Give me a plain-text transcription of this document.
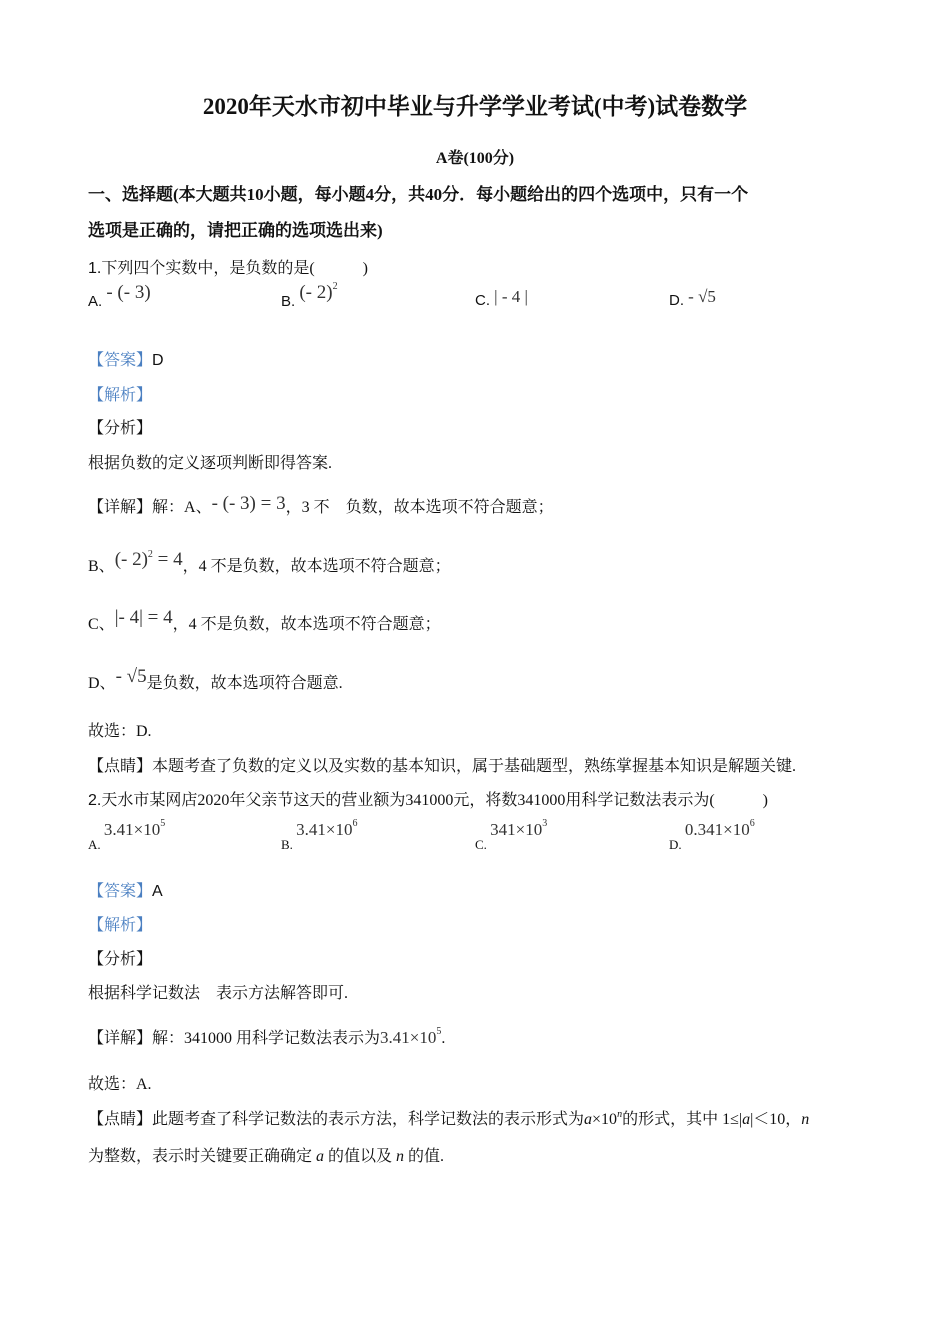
2020年天水市初中毕业与升学学业考试(中考)试卷数学
A卷(100分)
一、选择题(本大题共10小题，每小题4分，共40分．每小题给出的四个选项中，只有一个
选项是正确的，请把正确的选项选出来)
1.下列四个实数中，是负数的是(　　　)
A. - (- 3)	B. (- 2)$^2$
C. | - 4 |	D. - √5
【答案】D
【解析】
【分析】
根据负数的定义逐项判断即得答案.
【详解】解：A、- (- 3) = 3，3 不　负数，故本选项不符合题意；
B、(- 2)$^2$ = 4，4 不是负数，故本选项不符合题意；
C、|- 4| = 4，4 不是负数，故本选项不符合题意；
D、- √5是负数，故本选项符合题意.
故选：D.
【点睛】本题考查了负数的定义以及实数的基本知识，属于基础题型，熟练掌握基本知识是解题关键.
2.天水市某网店2020年父亲节这天的营业额为341000元，将数341000用科学记数法表示为(　　　)
A. $3.41\times 10^5$
B. $3.41\times 10^6$
C. $341\times 10^3$
D. $0.341\times 10^6$
【答案】A
【解析】
【分析】
根据科学记数法　表示方法解答即可.
【详解】解：341000 用科学记数法表示为$3.41\times 10^5$.
故选：A.
【点睛】此题考查了科学记数法的表示方法，科学记数法的表示形式为$a\times 10^n$的形式，其中 1≤|a|＜10，n
为整数，表示时关键要正确确定 a 的值以及 n 的值.
